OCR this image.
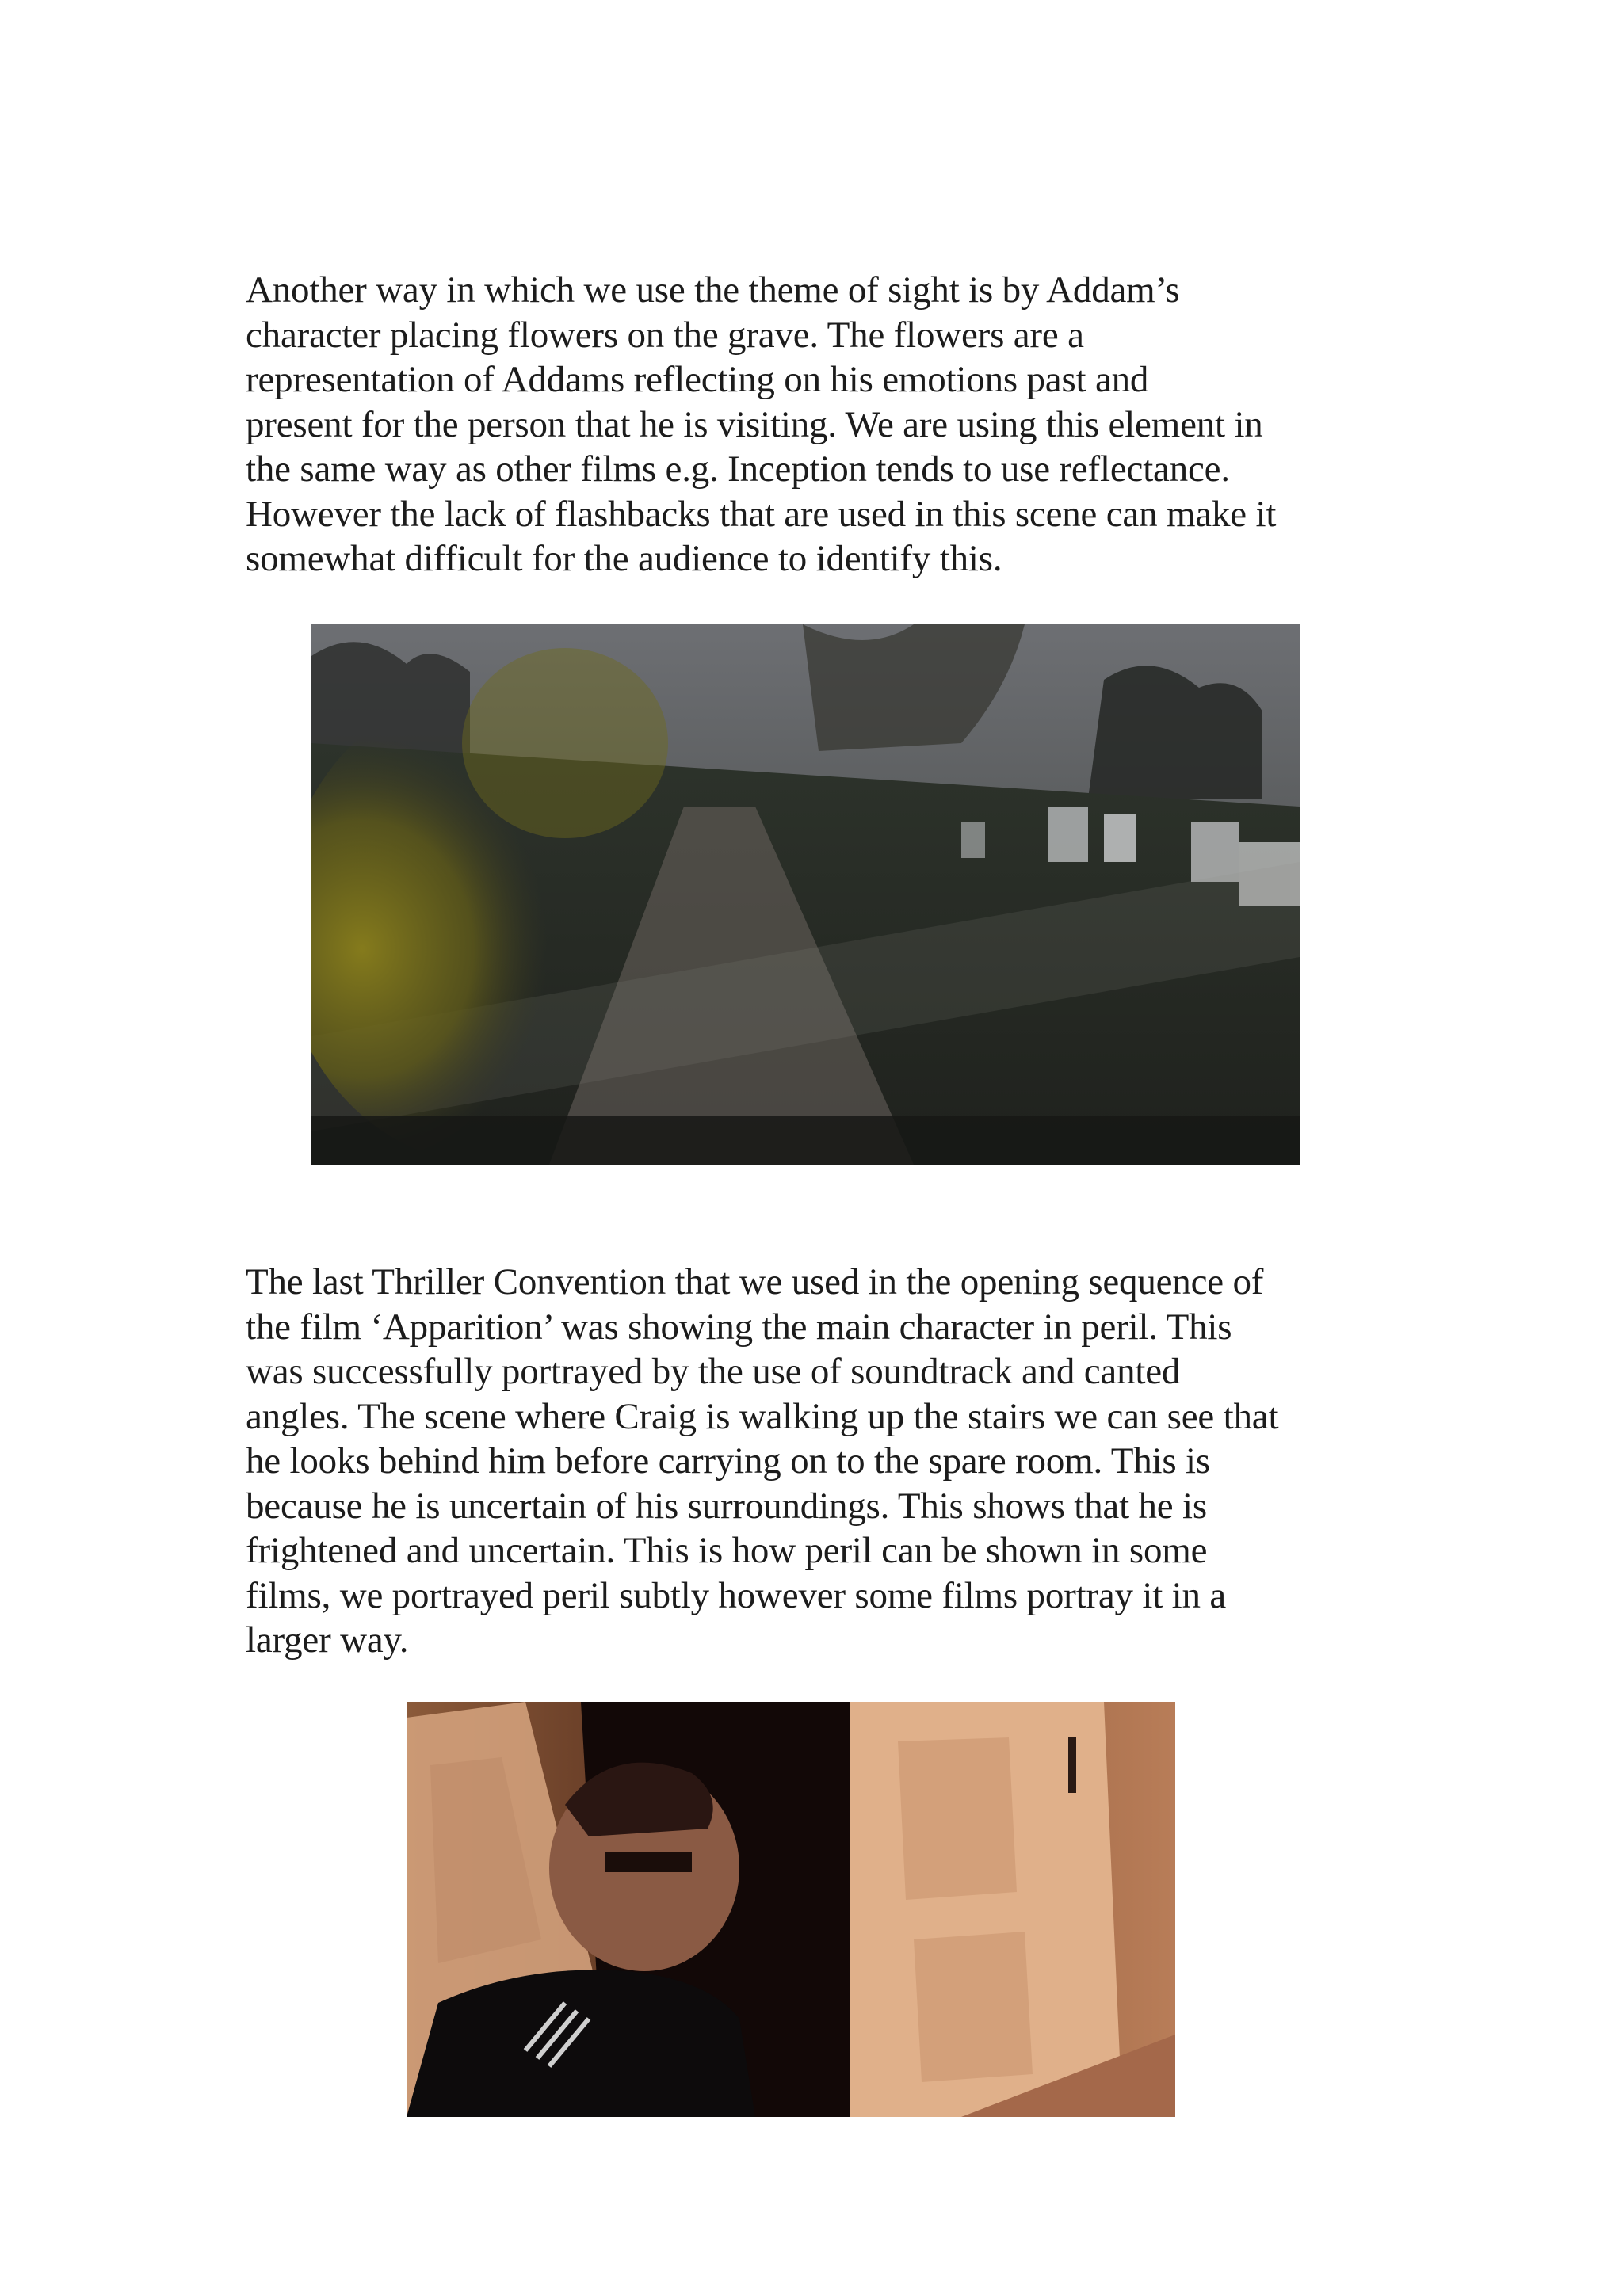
Another way in which we use the theme of sight is by Addam’s
character placing flowers on the grave. The flowers are a
representation of Addams reflecting on his emotions past and
present for the person that he is visiting. We are using this element in
the same way as other films e.g. Inception tends to use reflectance.
However the lack of flashbacks that are used in this scene can make it
somewhat difficult for the audience to identify this.

The last Thriller Convention that we used in the opening sequence of
the film ‘Apparition’ was showing the main character in peril. This
was successfully portrayed by the use of soundtrack and canted
angles. The scene where Craig is walking up the stairs we can see that
he looks behind him before carrying on to the spare room. This is
because he is uncertain of his surroundings. This shows that he is
frightened and uncertain. This is how peril can be shown in some
films, we portrayed peril subtly however some films portray it in a
larger way.
